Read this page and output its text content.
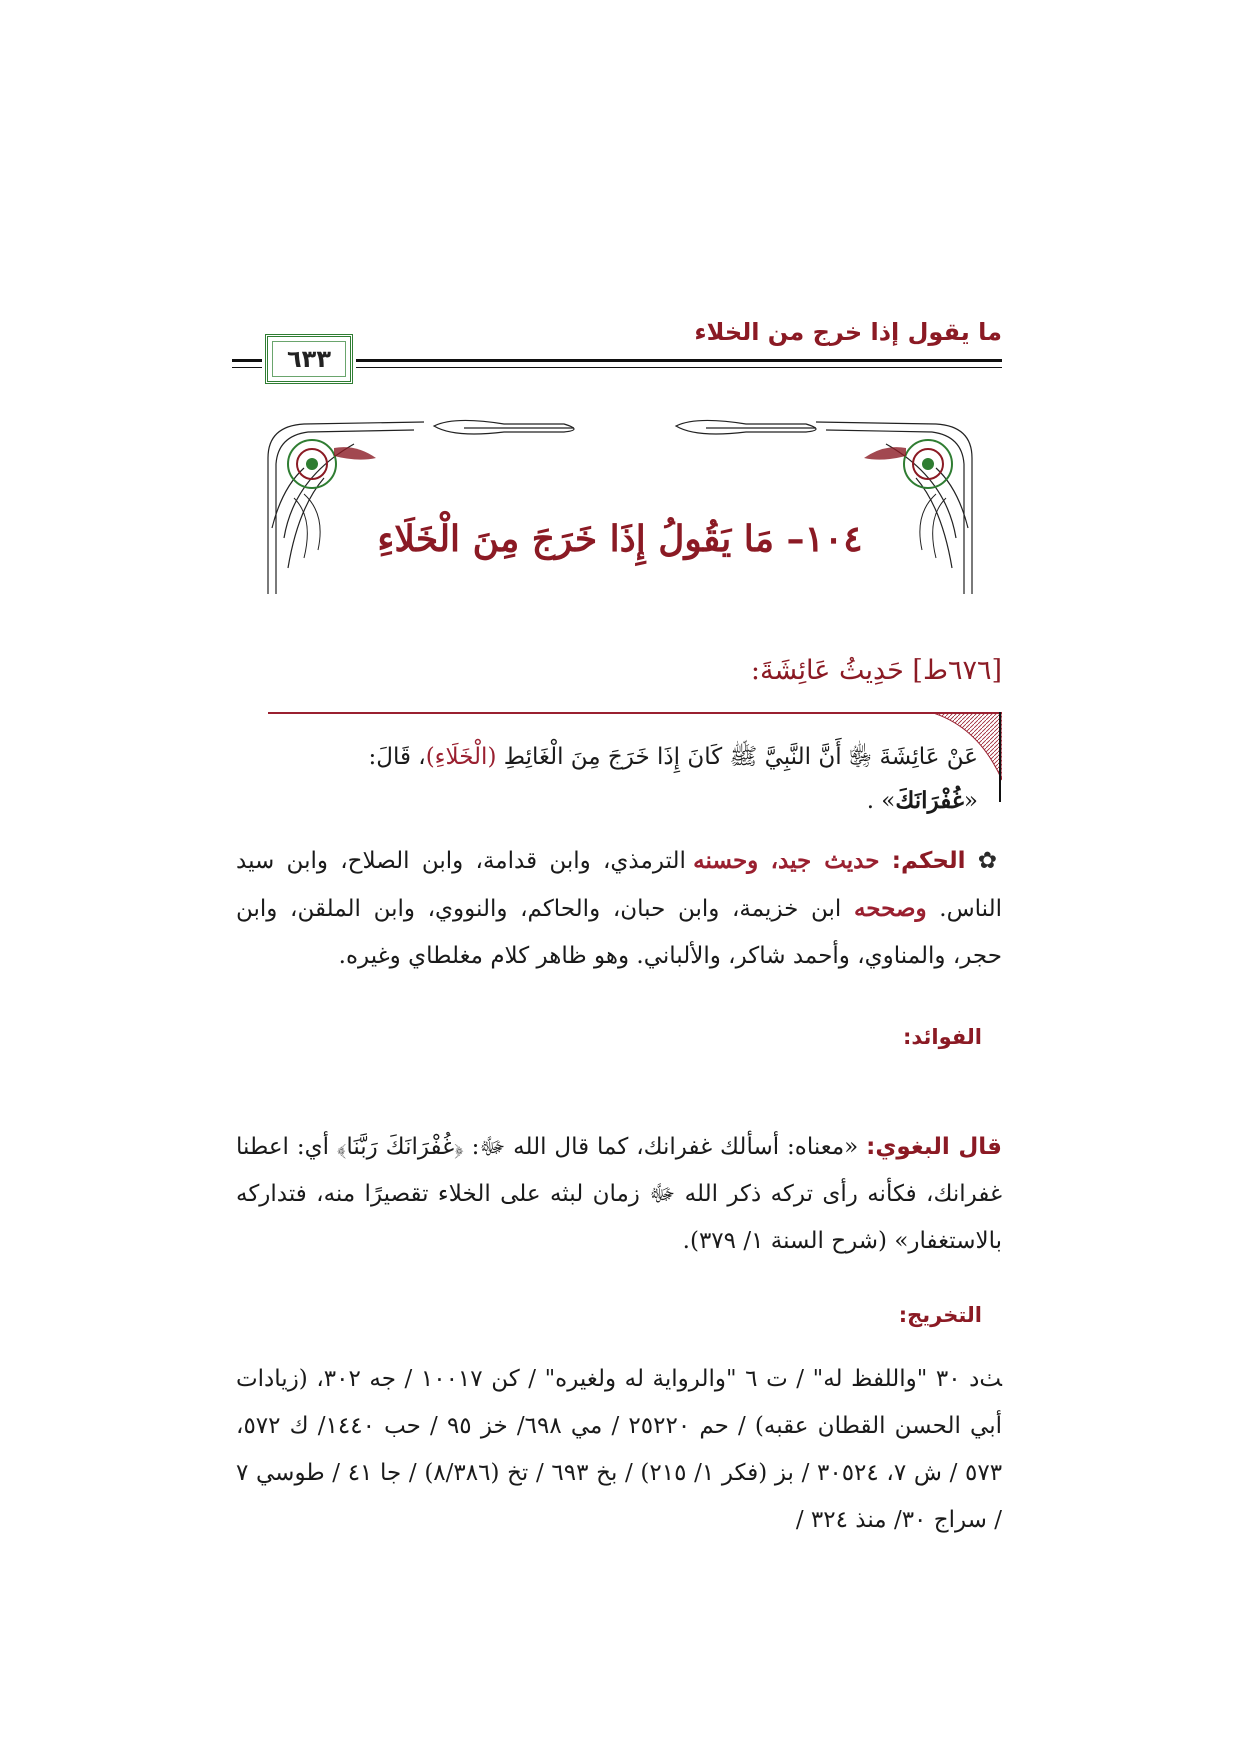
ما يقول إذا خرج من الخلاء
٦٣٣
١٠٤– مَا يَقُولُ إِذَا خَرَجَ مِنَ الْخَلَاءِ
[٦٧٦ط] حَدِيثُ عَائِشَةَ:
عَنْ عَائِشَةَ ﵂ أَنَّ النَّبِيَّ ﷺ كَانَ إِذَا خَرَجَ مِنَ الْغَائِطِ (الْخَلَاءِ)، قَالَ:
«غُفْرَانَكَ» .
✿ الحكم: حديث جيد، وحسنه الترمذي، وابن قدامة، وابن الصلاح، وابن سيد الناس. وصححه ابن خزيمة، وابن حبان، والحاكم، والنووي، وابن الملقن، وابن حجر، والمناوي، وأحمد شاكر، والألباني. وهو ظاهر كلام مغلطاي وغيره.
الفوائد:
قال البغوي: «معناه: أسألك غفرانك، كما قال الله ﷻ: ﴿غُفْرَانَكَ رَبَّنَا﴾ أي: اعطنا غفرانك، فكأنه رأى تركه ذكر الله ﷻ زمان لبثه على الخلاء تقصيرًا منه، فتداركه بالاستغفار» (شرح السنة ١/ ٣٧٩).
التخريج:
ﭟد ٣٠ "واللفظ له" / ت ٦ "والرواية له ولغيره" / كن ١٠٠١٧ / جه ٣٠٢، (زيادات أبي الحسن القطان عقبه) / حم ٢٥٢٢٠ / مي ٦٩٨/ خز ٩٥ / حب ١٤٤٠/ ك ٥٧٢، ٥٧٣ / ش ٧، ٣٠٥٢٤ / بز (فكر ١/ ٢١٥) / بخ ٦٩٣ / تخ (٨/٣٨٦) / جا ٤١ / طوسي ٧ / سراج ٣٠/ منذ ٣٢٤ /
